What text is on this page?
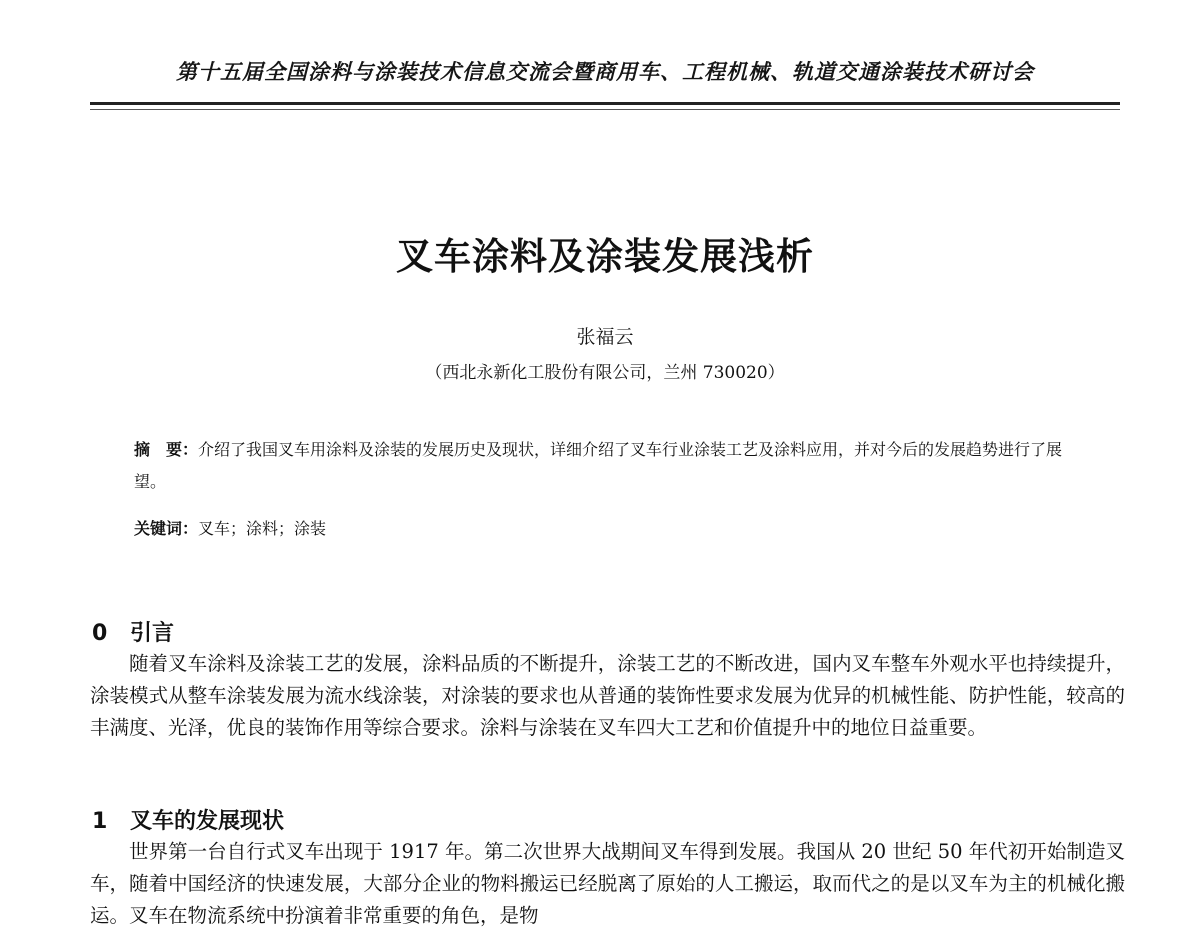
第十五届全国涂料与涂装技术信息交流会暨商用车、工程机械、轨道交通涂装技术研讨会
叉车涂料及涂装发展浅析
张福云
（西北永新化工股份有限公司，兰州 730020）
摘　要：介绍了我国叉车用涂料及涂装的发展历史及现状，详细介绍了叉车行业涂装工艺及涂料应用，并对今后的发展趋势进行了展望。
关键词：叉车；涂料；涂装
0 引言

随着叉车涂料及涂装工艺的发展，涂料品质的不断提升，涂装工艺的不断改进，国内叉车整车外观水平也持续提升，涂装模式从整车涂装发展为流水线涂装，对涂装的要求也从普通的装饰性要求发展为优异的机械性能、防护性能，较高的丰满度、光泽，优良的装饰作用等综合要求。涂料与涂装在叉车四大工艺和价值提升中的地位日益重要。

1 叉车的发展现状

世界第一台自行式叉车出现于 1917 年。第二次世界大战期间叉车得到发展。我国从 20 世纪 50 年代初开始制造叉车，随着中国经济的快速发展，大部分企业的物料搬运已经脱离了原始的人工搬运，取而代之的是以叉车为主的机械化搬运。叉车在物流系统中扮演着非常重要的角色，是物
